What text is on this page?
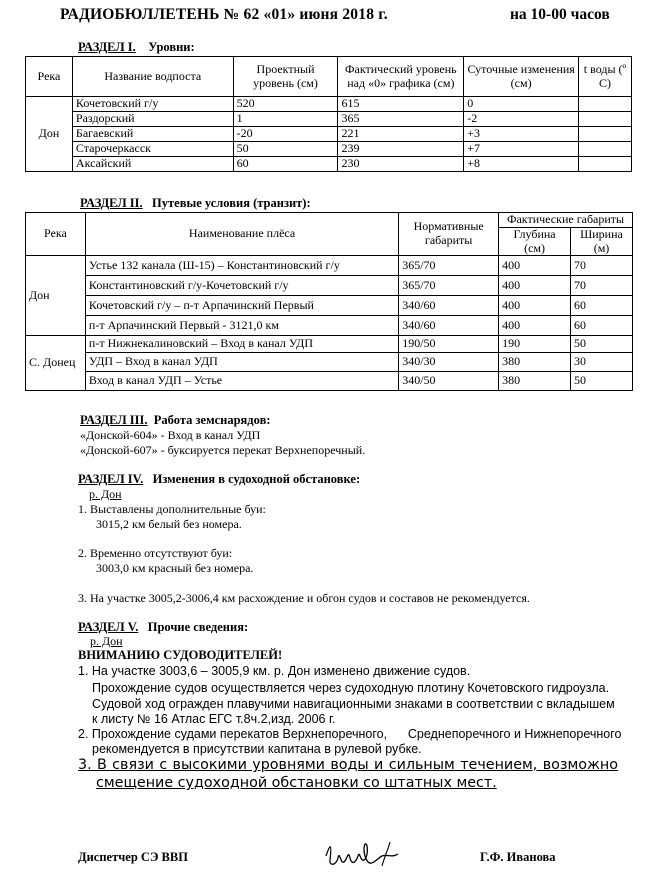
РАДИОБЮЛЛЕТЕНЬ № 62 «01» июня 2018 г.	на 10-00 часов
РАЗДЕЛ I. Уровни:
Река	Название водпоста	Проектный уровень (см)	Фактический уровень над «0» графика (см)	Суточные изменения (см)	t воды (º C)
Дон	Кочетовский г/у	520	615	0	
	Раздорский	1	365	-2	
	Багаевский	-20	221	+3	
	Старочеркасск	50	239	+7	
	Аксайский	60	230	+8	
РАЗДЕЛ II. Путевые условия (транзит):
Река	Наименование плёса	Нормативные габариты	Фактические габариты	
			Глубина (см)	Ширина (м)
Дон	Устье 132 канала (Ш-15) – Константиновский г/у	365/70	400	70
	Константиновский г/у-Кочетовский г/у	365/70	400	70
	Кочетовский г/у – п-т Арпачинский Первый	340/60	400	60
	п-т Арпачинский Первый - 3121,0 км	340/60	400	60
С. Донец	п-т Нижнекалиновский – Вход в канал УДП	190/50	190	50
	УДП – Вход в канал УДП	340/30	380	30
	Вход в канал УДП – Устье	340/50	380	50
РАЗДЕЛ III. Работа земснарядов:
«Донской-604» - Вход в канал УДП
«Донской-607» - буксируется перекат Верхнепоречный.
РАЗДЕЛ IV. Изменения в судоходной обстановке:
р. Дон
1. Выставлены дополнительные буи:
3015,2 км белый без номера.
2. Временно отсутствуют буи:
3003,0 км красный без номера.
3. На участке 3005,2-3006,4 км расхождение и обгон судов и составов не рекомендуется.
РАЗДЕЛ V. Прочие сведения:
р. Дон
ВНИМАНИЮ СУДОВОДИТЕЛЕЙ!
1. На участке 3003,6 – 3005,9 км. р. Дон изменено движение судов.
Прохождение судов осуществляется через судоходную плотину Кочетовского гидроузла.
Судовой ход огражден плавучими навигационными знаками в соответствии с вкладышем
к листу № 16 Атлас ЕГС т.8ч.2,изд. 2006 г.
2. Прохождение судами перекатов Верхнепоречного,      Среднепоречного и Нижнепоречного
рекомендуется в присутствии капитана в рулевой рубке.
3. В связи с высокими уровнями воды и сильным течением, возможно
смещение судоходной обстановки со штатных мест.
Диспетчер СЭ ВВП	Г.Ф. Иванова
